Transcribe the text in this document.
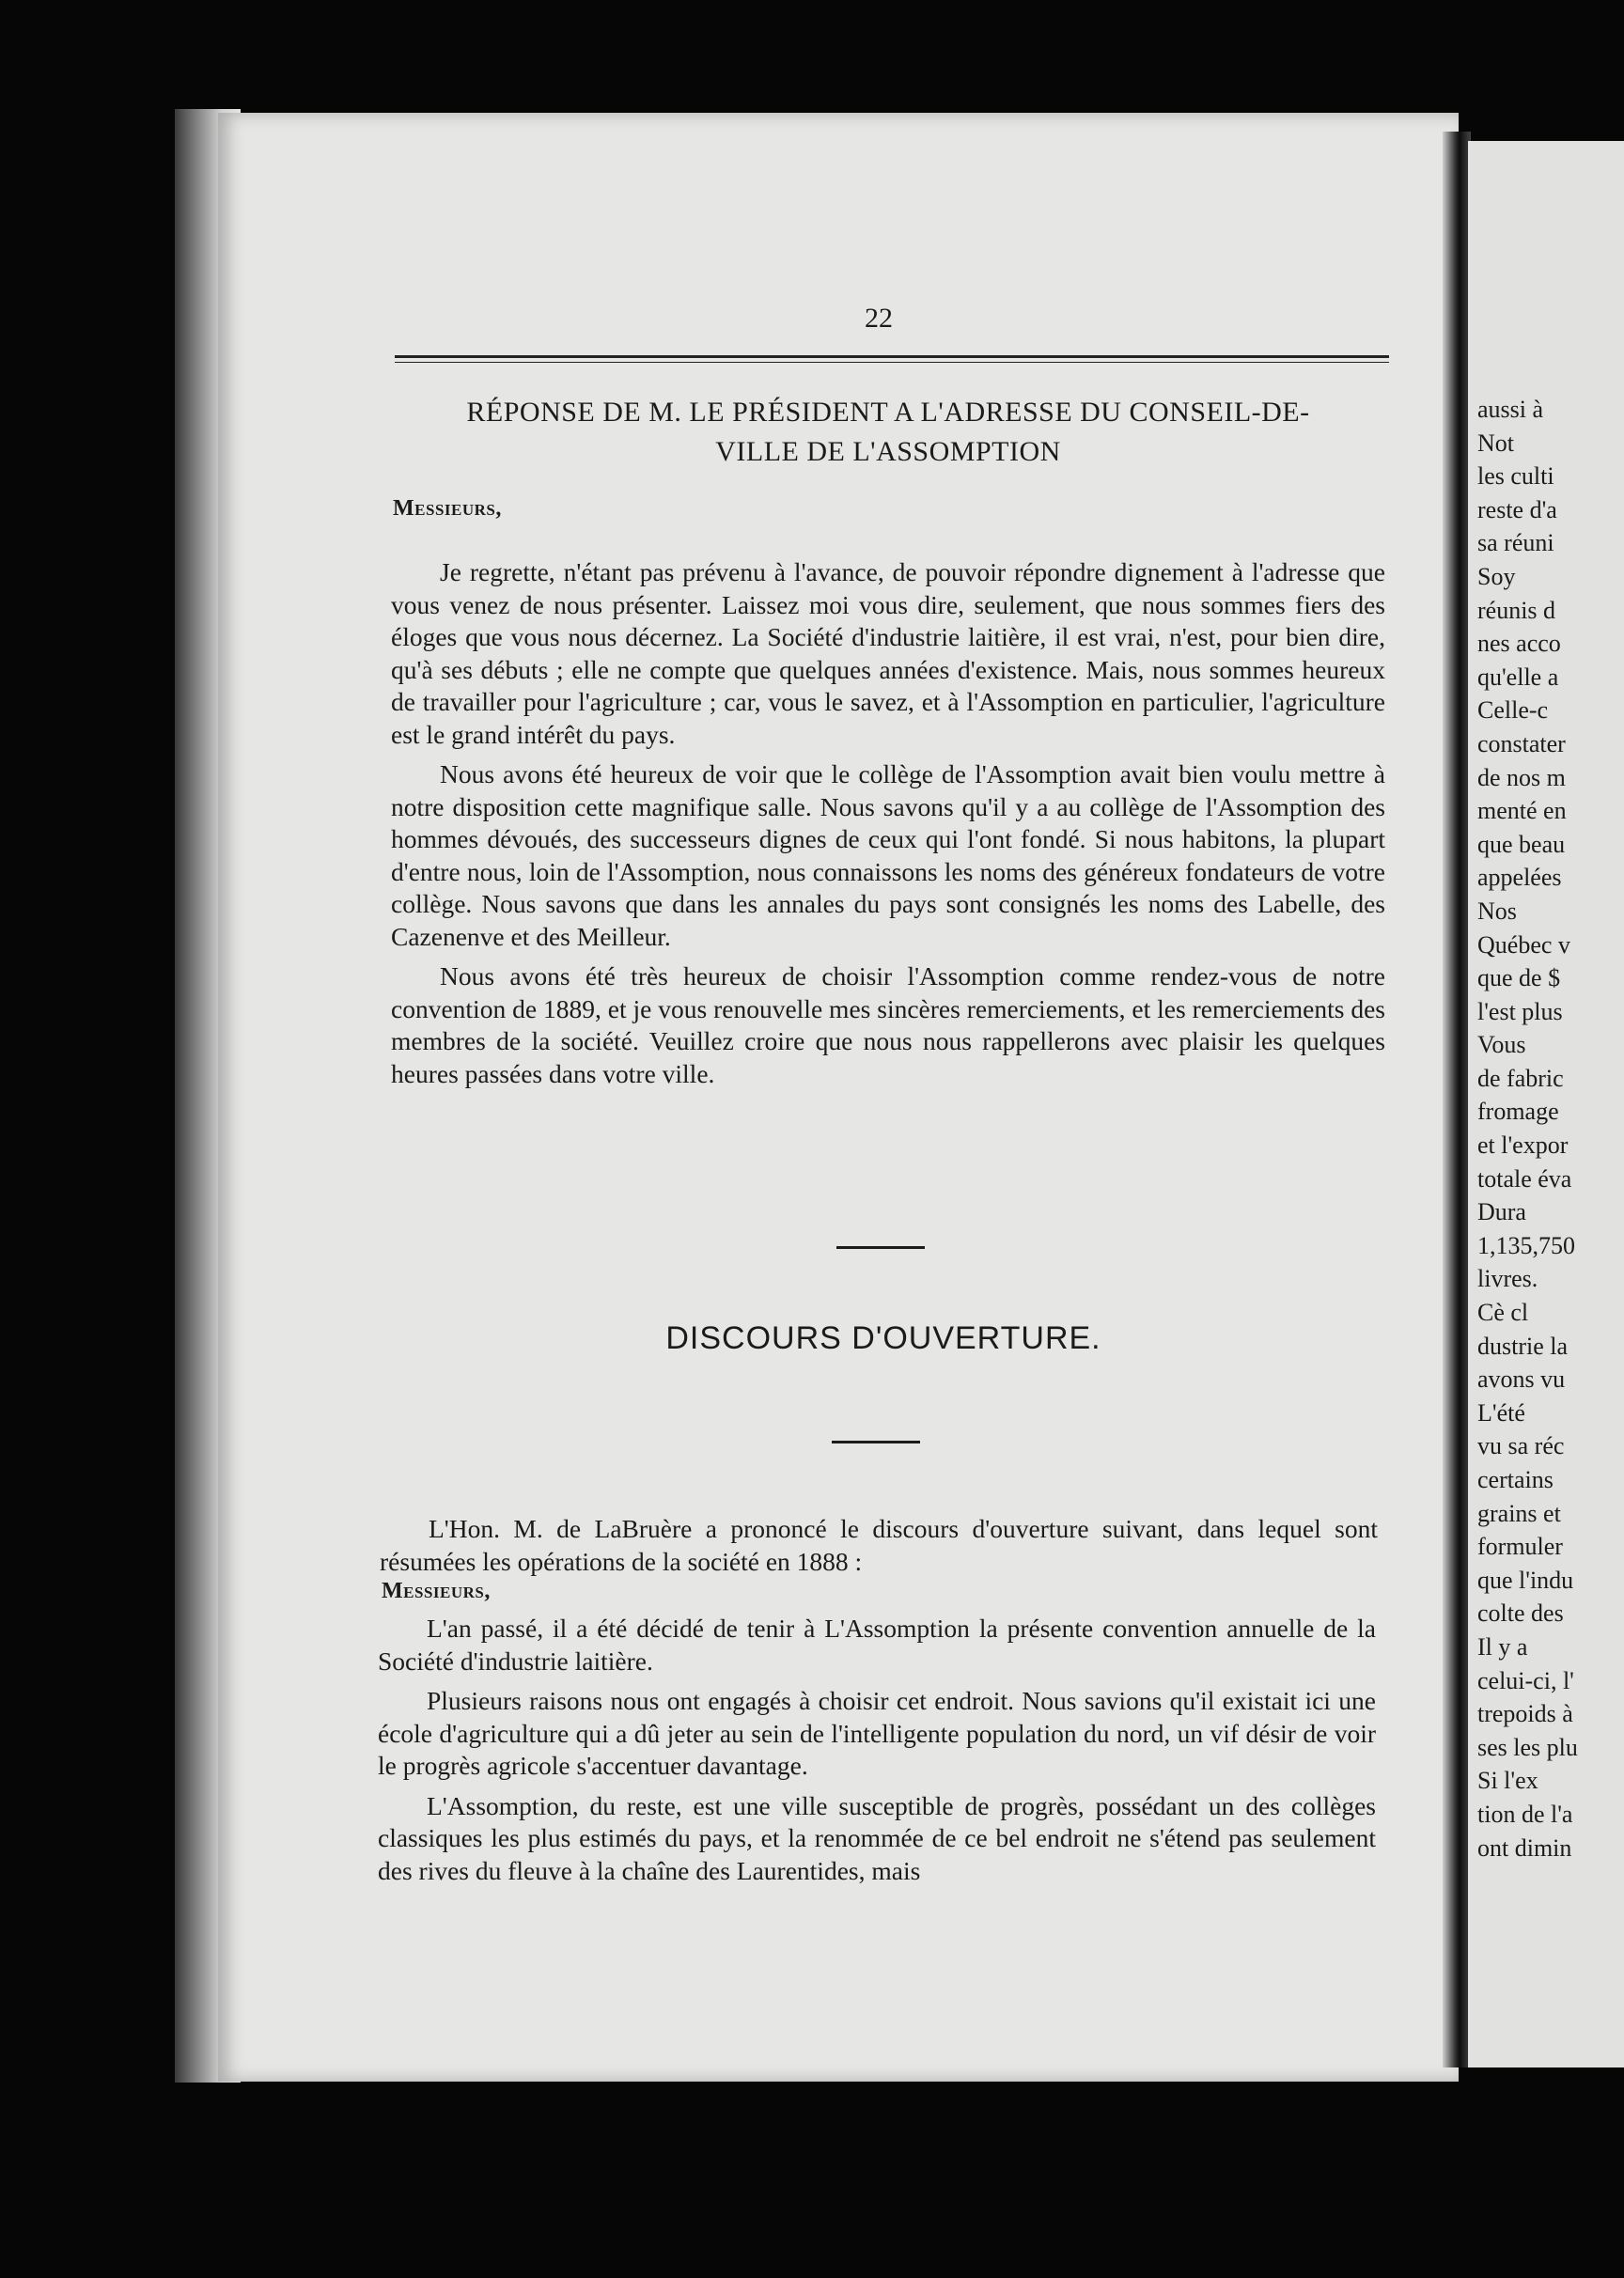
aussi à
Not
les culti
reste d'a
sa réuni
Soy
réunis d
nes acco
qu'elle a
Celle-c
constater
de nos m
menté en
que beau
appelées
Nos
Québec v
que de $
l'est plus
Vous
de fabric
fromage
et l'expor
totale éva
Dura
1,135,750
livres.
Cè cl
dustrie la
avons vu
L'été
vu sa réc
certains
grains et
formuler
que l'indu
colte des
Il y a
celui-ci, l'
trepoids à
ses les plu
Si l'ex
tion de l'a
ont dimin
22
RÉPONSE DE M. LE PRÉSIDENT A L'ADRESSE DU CONSEIL-DE-
VILLE DE L'ASSOMPTION
Messieurs,

Je regrette, n'étant pas prévenu à l'avance, de pouvoir répondre dignement à l'adresse que vous venez de nous présenter. Laissez moi vous dire, seulement, que nous sommes fiers des éloges que vous nous décernez. La Société d'industrie laitière, il est vrai, n'est, pour bien dire, qu'à ses débuts ; elle ne compte que quelques années d'existence. Mais, nous sommes heureux de travailler pour l'agriculture ; car, vous le savez, et à l'Assomption en particulier, l'agriculture est le grand intérêt du pays.

Nous avons été heureux de voir que le collège de l'Assomption avait bien voulu mettre à notre disposition cette magnifique salle. Nous savons qu'il y a au collège de l'Assomption des hommes dévoués, des successeurs dignes de ceux qui l'ont fondé. Si nous habitons, la plupart d'entre nous, loin de l'Assomption, nous connaissons les noms des généreux fondateurs de votre collège. Nous savons que dans les annales du pays sont consignés les noms des Labelle, des Cazenenve et des Meilleur.

Nous avons été très heureux de choisir l'Assomption comme rendez-vous de notre convention de 1889, et je vous renouvelle mes sincères remerciements, et les remerciements des membres de la société. Veuillez croire que nous nous rappellerons avec plaisir les quelques heures passées dans votre ville.

DISCOURS D'OUVERTURE.

L'Hon. M. de LaBruère a prononcé le discours d'ouverture suivant, dans lequel sont résumées les opérations de la société en 1888 :

Messieurs,

L'an passé, il a été décidé de tenir à L'Assomption la présente convention annuelle de la Société d'industrie laitière.

Plusieurs raisons nous ont engagés à choisir cet endroit. Nous savions qu'il existait ici une école d'agriculture qui a dû jeter au sein de l'intelligente population du nord, un vif désir de voir le progrès agricole s'accentuer davantage.

L'Assomption, du reste, est une ville susceptible de progrès, possédant un des collèges classiques les plus estimés du pays, et la renommée de ce bel endroit ne s'étend pas seulement des rives du fleuve à la chaîne des Laurentides, mais
